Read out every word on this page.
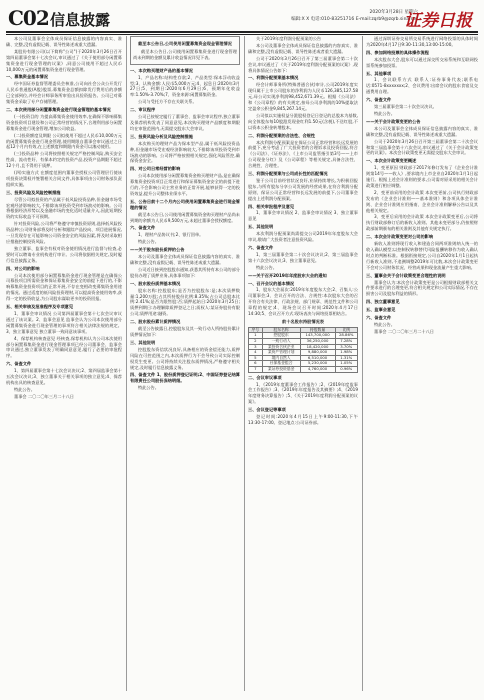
C02 信息披露	2020年3月28日 星期六
编辑:X X 电话:010-83251716 E-mail:zqrb9@zqrb.sina.net
证券日报

本公司及董事会全体成员保证信息披露的内容真实、准确、完整,没有虚假记载、误导性陈述或重大遗漏。

某股份有限公司(以下简称"公司")于2020年3月26日召开第四届董事会第十七次会议,审议通过了《关于使用部分闲置募集资金进行现金管理的议案》,同意公司使用不超过人民币10,000万元的闲置募集资金进行现金管理。

一、募集资金基本情况

经中国证券监督管理委员会核准,公司向社会公众公开发行人民币普通股(A股)股票,募集资金总额扣除发行费用后的净额已全部到位,并经会计师事务所审验出具验资报告。公司已对募集资金采取了专户存储管理。

二、本次使用部分闲置募集资金进行现金管理的基本情况

(一)投资目的 为提高募集资金使用效率,在确保不影响募集资金投资项目建设和公司正常经营的情况下,合理利用部分闲置募集资金进行现金管理,增加公司收益。

(二)投资额度及期限 公司拟使用不超过人民币10,000万元的闲置募集资金进行现金管理,使用期限自董事会审议通过之日起12个月内有效,在上述额度和期限内资金可以滚动使用。

(三)投资品种 公司将按照相关规定严格控制风险,购买安全性高、流动性好、有保本约定的投资产品,投资产品期限不超过12个月,且不得用于质押。

(四)实施方式 在额度范围内董事会授权公司管理层行使该项投资决策权并签署相关合同文件,具体事项由公司财务部负责组织实施。

三、投资风险及风险控制措施

尽管公司拟投资的产品属于低风险投资品种,但金融市场受宏观经济影响较大,不排除该项投资受到市场波动的影响。公司将根据经济形势以及金融市场的变化适时适量介入,因此短期投资的实际收益不可预期。

针对投资风险,公司将严格遵守审慎投资原则,选择低风险投资品种;公司财务部将及时分析和跟踪产品投向、项目进展情况,一旦发现存在可能影响公司资金安全的风险因素,将及时采取相应措施控制投资风险。

独立董事、监事会有权对资金使用情况进行监督与检查,必要时可以聘请专业机构进行审计。公司将依据相关规定,及时履行信息披露义务。

四、对公司的影响

公司本次使用部分闲置募集资金进行现金管理是在确保公司募投项目所需资金和保证募集资金安全的前提下进行的,不影响募集资金投资项目的正常开展,不存在变相改变募集资金用途的情况。通过适度的低风险投资理财,可以提高资金使用效率,获得一定的投资收益,为公司股东谋取更多的投资回报。

五、相关审核及批准程序及专项意见

1、董事会审议情况 公司第四届董事会第十七次会议审议通过了该议案。2、监事会意见 监事会认为公司本次使用部分闲置募集资金进行现金管理的事项符合相关法律法规的规定。3、独立董事意见 独立董事一致同意该事项。

4、保荐机构核查意见 经核查,保荐机构认为公司本次使用部分闲置募集资金进行现金管理事项已经公司董事会、监事会审议通过,独立董事发表了明确同意意见,履行了必要的审批程序。

六、备查文件

1、第四届董事会第十七次会议决议;2、第四届监事会第十五次会议决议;3、独立董事关于相关事项的独立意见;4、保荐机构出具的核查意见。

特此公告。

董事会 二〇二〇年三月二十八日

截至本公告日,公司使用闲置募集资金现金管理情况

截至本公告日,公司使用闲置募集资金进行现金管理尚未到期的金额及累计收益情况详见下表。

一、本次购买理财产品的基本情况

1、产品名称:结构性存款;2、产品类型:保本浮动收益型;3、认购金额:人民币5,000万元;4、起息日:2020年3月27日;5、到期日:2020年6月29日;6、预期年化收益率:1.50%-3.70%;7、资金来源:闲置募集资金。

公司与受托方不存在关联关系。

二、审议程序

公司已按规定履行了董事会、监事会审议程序,独立董事及保荐机构发表了同意意见,本次购买理财产品额度和期限均在审批范围内,无需提交股东大会审议。

三、投资风险分析及风险控制措施

本次购买的理财产品为保本型产品,属于低风险投资品种,但金融市场受宏观经济影响较大,不排除该项投资受到市场波动的影响。公司将严格按照相关规定,强化风险管控,确保资金安全。

四、对公司日常经营的影响

公司本次使用部分闲置募集资金购买理财产品,是在确保募集资金投资项目正常进行和保证募集资金安全的前提下进行的,不会影响公司主营业务的正常开展,能够获得一定的投资效益,提升公司整体业绩水平。

五、公告日前十二个月内公司使用闲置募集资金进行现金管理的情况

截至本公告日,公司使用闲置募集资金购买理财产品尚未到期的余额为人民币9,500万元,未超过董事会授权额度。

六、备查文件

1、理财产品协议书;2、银行回单。

特此公告。

——关于股东股份质押的公告

本公司及董事会全体成员保证信息披露内容的真实、准确和完整,没有虚假记载、误导性陈述或重大遗漏。

公司近日接到控股股东通知,获悉其所持有本公司的部分股份办理了质押业务,具体事项如下:

一、股东股份质押基本情况

股东名称:控股股东;是否为控股股东:是;本次质押数量:1,200万股;占其所持股份比例:8.35%;占公司总股本比例:2.41%;是否为限售股:否;质押起始日:2020年3月25日;质押到期日:办理解除质押登记之日;质权人:某证券股份有限公司;质押用途:融资。

二、股东股份累计质押情况

截至公告披露日,控股股东及其一致行动人所持股份累计质押情况如下:

三、其他说明

控股股东资信状况良好,具备相应的资金偿还能力,质押风险在可控范围之内,本次质押行为不会导致公司实际控制权发生变更。公司将持续关注股东质押情况,严格遵守相关规定,及时履行信息披露义务。

四、备查文件 1、股份质押登记证明;2、中国证券登记结算有限责任公司股份冻结明细。

特此公告。

关于2019年度利润分配预案的公告

本公司及董事会全体成员保证信息披露的内容真实、准确和完整,没有虚假记载、误导性陈述或者重大遗漏。

公司于2020年3月26日召开了第三届董事会第二十次会议,审议通过了《关于2019年度利润分配预案的议案》,现将具体情况公告如下:

一、利润分配预案基本情况

经会计师事务所(特殊普通合伙)审计,公司2019年度实现归属于上市公司股东的净利润为人民币126,385,127.58元,母公司实现净利润98,452,671.39元。根据《公司法》和《公司章程》的有关规定,按母公司净利润的10%提取法定盈余公积金9,845,267.14元。

公司拟以实施权益分派股权登记日登记的总股本为基数,向全体股东每10股派发现金红利1.50元(含税),不送红股,不以资本公积金转增股本。

二、利润分配预案的合法性、合规性

本次利润分配预案是在保证公司正常经营和长远发展的前提下,充分考虑了广大投资者的合理诉求及投资回报,符合《公司法》、《证券法》、《上市公司监管指引第3号——上市公司现金分红》及《公司章程》等相关规定,具备合法性、合规性、合理性。

三、利润分配预案与公司成长性的匹配情况

鉴于公司目前经营状况良好,业绩持续增长,为积极回报股东,与所有股东分享公司发展的经营成果,在符合利润分配原则、保证公司正常经营和长远发展的前提下,公司董事会提出上述利润分配预案。

四、相关审批程序及意见

1、董事会审议情况 2、监事会审议情况 3、独立董事意见

五、其他说明

本次利润分配预案尚需提交公司2019年年度股东大会审议,敬请广大投资者注意投资风险。

六、备查文件

1、第三届董事会第二十次会议决议;2、第三届监事会第十六次会议决议;3、独立董事意见。

特此公告。

——关于召开2019年年度股东大会的通知

一、召开会议的基本情况

1、股东大会届次:2019年年度股东大会;2、召集人:公司董事会;3、会议召开的合法、合规性:本次股东大会的召开符合有关法律、行政法规、部门规章、规范性文件和公司章程的规定;4、现场会议召开时间:2020年4月17日14:30;5、会议召开方式:现场表决与网络投票相结合。

前十名股东持股情况表
序号	股东名称	持股数量	比例
1	控股股东	143,700,000	28.86%
2	一致行动人	36,250,000	7.28%
3	某投资合伙企业	18,420,000	3.70%
4	某资产管理计划	9,880,000	1.98%
5	境内自然人	6,510,000	1.31%
6	社保基金组合	5,230,000	1.05%
7	某证券投资基金	4,760,000	0.96%

二、会议审议事项

1、《2019年度董事会工作报告》;2、《2019年度监事会工作报告》;3、《2019年年度报告及其摘要》;4、《2019年度财务决算报告》;5、《关于2019年度利润分配预案的议案》。

三、会议登记等事项

登记时间:2020年4月15日上午9:00-11:30,下午13:30-17:00。登记地点:公司证券部。

通过深圳证券交易所交易系统进行网络投票的具体时间为2020年4月17日9:30-11:30,13:00-15:00。

四、参加网络投票的具体操作流程

本次股东大会,股东可以通过深交所交易系统和互联网投票系统参加投票。

五、其他事项

1、会议联系方式 联系人:证券事务代表;联系电话:0571-8xxxxxxx;2、会议费用:出席会议的股东食宿及交通费用自理。

六、备查文件

第三届董事会第二十次会议决议。

特此公告。

——关于会计政策变更的公告

本公司及董事会全体成员保证信息披露内容的真实、准确和完整,没有虚假记载、误导性陈述或重大遗漏。

公司于2020年3月26日召开第三届董事会第二十次会议和第三届监事会第十六次会议,审议通过了《关于会计政策变更的议案》。本次会计政策变更无需提交股东大会审议。

一、本次会计政策变更概述

1、变更原因 财政部于2017年修订发布了《企业会计准则第14号——收入》,要求境内上市企业自2020年1月1日起施行。根据上述会计准则的要求,公司需对原采用的相关会计政策进行相应调整。

2、变更前采用的会计政策 本次变更前,公司执行财政部发布的《企业会计准则——基本准则》和各项具体会计准则、企业会计准则应用指南、企业会计准则解释公告以及其他相关规定。

3、变更后采用的会计政策 本次会计政策变更后,公司将执行财政部修订后的新收入准则。其他未变更部分,仍按照财政部前期颁布的相关准则及其他有关规定执行。

二、本次会计政策变更对公司的影响

新收入准则将现行收入和建造合同两项准则纳入统一的收入确认模型;以控制权转移替代风险报酬转移作为收入确认时点的判断标准。根据衔接规定,公司自2020年1月1日起执行新收入准则,不追溯调整2019年可比数,本次会计政策变更不会对公司财务状况、经营成果和现金流量产生重大影响。

三、董事会关于会计政策变更合理性的说明

董事会认为:本次会计政策变更是公司根据财政部相关文件要求进行的合理变更,符合相关规定和公司实际情况,不存在损害公司及股东利益的情形。

四、独立董事意见

五、监事会意见

六、备查文件

特此公告。

董事会 二〇二〇年三月二十八日
